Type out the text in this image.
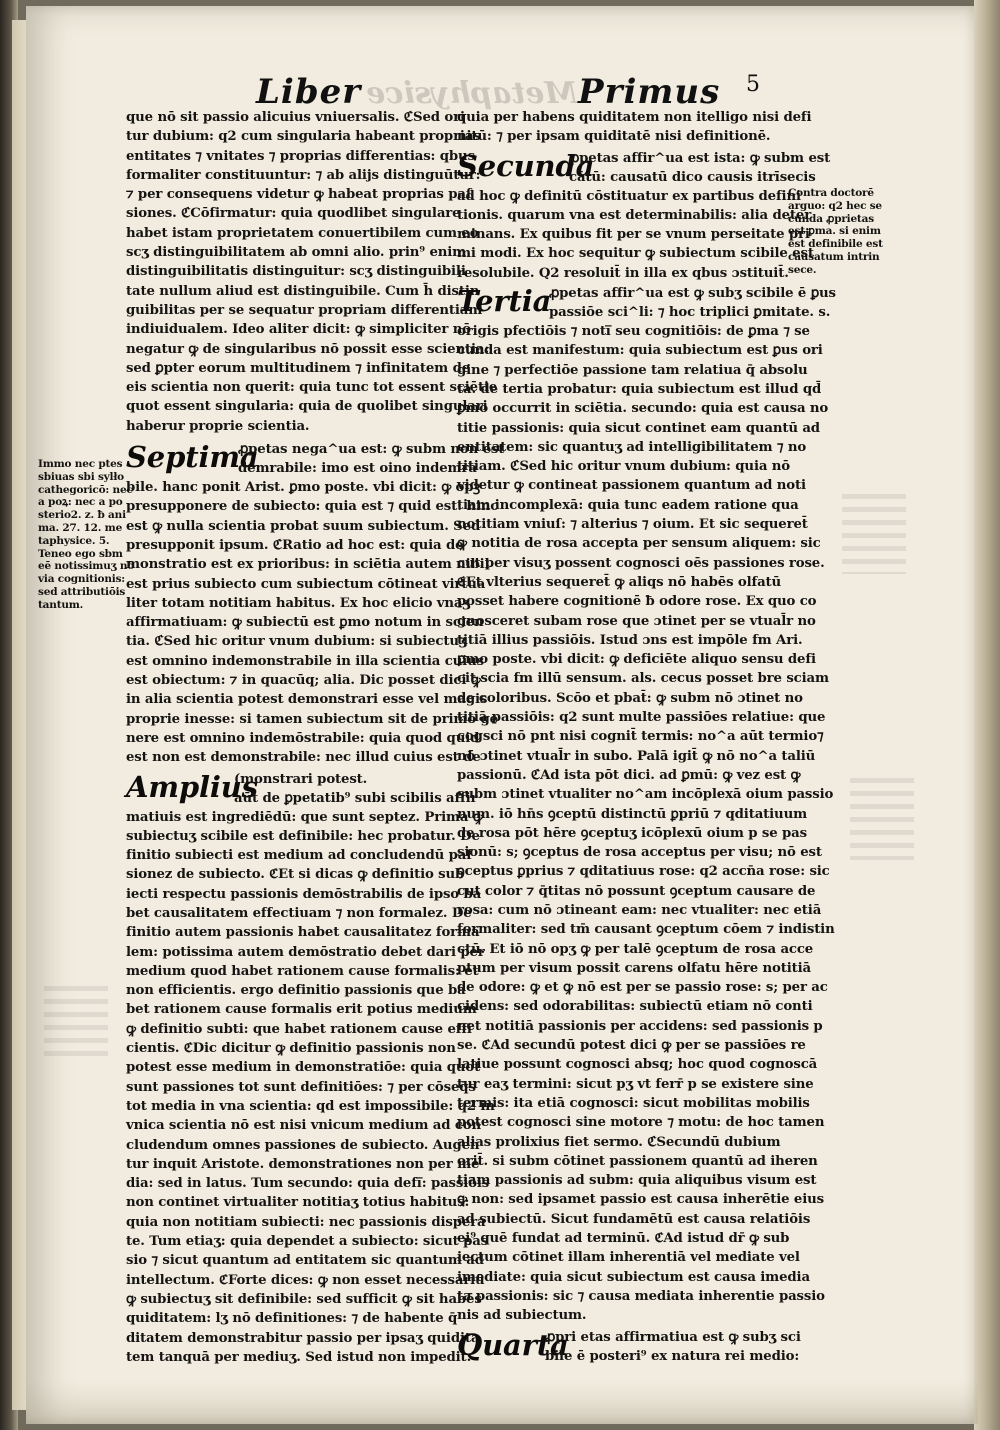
Metaphysice
Liber	Primus 5
que nō sit passio alicuius vniuersalis. ℭSed ori
tur dubium: q2 cum singularia habeant proprias
entitates ⁊ vnitates ⁊ proprias differentias: qbus
formaliter constituuntur: ⁊ ab alijs distinguūtur:
⁊ per consequens videtur ꝙ habeat proprias paſ
siones. ℭCōfirmatur: quia quodlibet singulare
habet istam proprietatem conuertibilem cum eo
scʒ distinguibilitatem ab omni alio. prin⁹ enim
distinguibilitatis distinguitur: scʒ distinguibili
tate nullum aliud est distinguibile. Cum h̄ distin
guibilitas per se sequatur propriam differentiam
indiuidualem. Ideo aliter dicit: ꝙ simpliciter nō
negatur ꝙ de singularibus nō possit esse scientia:
sed ꝑpter eorum multitudinem ⁊ infinitatem de
eis scientia non querit: quia tunc tot essent sciētie
quot essent singularia: quia de quolibet singulari
haberur proprie scientia.
Septima
ꝓpetas nega^ua est: ꝙ subm non est
demrabile: imo est oino indemra
bile. hanc ponit Arist. ꝑmo poste. vbi dicit: ꝙ opꝫ
presupponere de subiecto: quia est ⁊ quid est: hinc
est ꝙ nulla scientia probat suum subiectum. Sed
presupponit ipsum. ℭRatio ad hoc est: quia de
monstratio est ex prioribus: in sciētia autem nibil
est prius subiecto cum subiectum cōtineat virtua
liter totam notitiam habitus. Ex hoc elicio vnaʒ
affirmatiuam: ꝙ subiectū est ꝑmo notum in scien
tia. ℭSed hic oritur vnum dubium: si subiectuʒ
est omnino indemonstrabile in illa scientia cuius
est obiectum: ⁊ in quacūq; alia. Dic posset dici ꝙ
in alia scientia potest demonstrari esse vel magis
proprie inesse: si tamen subiectum sit de primo ge
nere est omnino indemōstrabile: quia quod quid
est non est demonstrabile: nec illud cuius est de
Amplius
(monstrari potest.
aūt de ꝑpetatib⁹ subi scibilis affir
matiuis est ingrediēdū: que sunt septez. Prima ꝙ
subiectuʒ scibile est definibile: hec probatur. De
finitio subiecti est medium ad concludendū paſ
sionez de subiecto. ℭEt si dicas ꝙ definitio sub
iecti respectu passionis demōstrabilis de ipso ba
bet causalitatem effectiuam ⁊ non formalez. De
finitio autem passionis habet causalitatez forma
lem: potissima autem demōstratio debet dari per
medium quod habet rationem cause formalis: et
non efficientis. ergo definitio passionis que ba
bet rationem cause formalis erit potius medium
ꝙ definitio subti: que habet rationem cause effi
cientis. ℭDic dicitur ꝙ definitio passionis non
potest esse medium in demonstratiōe: quia quot
sunt passiones tot sunt definitiōes: ⁊ per cōseq̄s
tot media in vna scientia: qd est impossibile: q2 in
vnica scientia nō est nisi vnicum medium ad con
cludendum omnes passiones de subiecto. Augen
tur inquit Aristote. demonstrationes non per me
dia: sed in latus. Tum secundo: quia defi̅: passiōis
non continet virtualiter notitiaʒ totius habitus:
quia non notitiam subiecti: nec passionis dispera
te. Tum etiaʒ: quia dependet a subiecto: sicut pas
sio ⁊ sicut quantum ad entitatem sic quantum ad
intellectum. ℭForte dices: ꝙ non esset necessariū
ꝙ subiectuʒ sit definibile: sed sufficit ꝙ sit habēs
quiditatem: lʒ nō definitiones: ⁊ de habente q̄
ditatem demonstrabitur passio per ipsaʒ quidita
tem tanquā per mediuʒ. Sed istud non impedit:
quia per habens quiditatem non itelligo nisi defi
nitū: ⁊ per ipsam quiditatē nisi definitionē.
Secunda
ꝓpetas affir^ua est ista: ꝙ subm est
cātū: causatū dico causis itrīsecis
ad hoc ꝙ definitū cōstituatur ex partibus defini
tionis. quarum vna est determinabilis: alia deter
minans. Ex quibus fit per se vnum perseitate pri
mi modi. Ex hoc sequitur ꝙ subiectum scibile est
resolubile. Q2 resoluit̄ in illa ex qbus ɔstituit̄.
Tertia
ꝓpetas affir^ua est ꝙ subʒ scibile ē ꝑus
passiōe sci^li: ⁊ hoc triplici ꝑmitate. s.
origis pfectiōis ⁊ noti̅ seu cognitiōis: de ꝑma ⁊ se
cunda est manifestum: quia subiectum est ꝑus ori
gine ⁊ perfectiōe passione tam relatiua q̄ absolu
ta. de tertia probatur: quia subiectum est illud qd̄
ꝑmo occurrit in sciētia. secundo: quia est causa no
titie passionis: quia sicut continet eam quantū ad
entitatem: sic quantuʒ ad intelligibilitatem ⁊ no
titiam. ℭSed hic oritur vnum dubium: quia nō
videtur ꝙ contineat passionem quantum ad noti
tiam incomplexā: quia tunc eadem ratione qua
notitiam vniuſ: ⁊ alterius ⁊ oium. Et sic sequeret̄
ꝙ notitia de rosa accepta per sensum aliquem: sic
cut per visuʒ possent cognosci oēs passiones rose.
ℭEt vlterius sequeret̄ ꝙ aliqs nō habēs olfatū
posset habere cognitionē ƀ odore rose. Ex quo co
gnosceret subam rose que ɔtinet per se vtual̄r no
titiā illius passiōis. Istud ɔns est impōle fm Ari.
ꝑmo poste. vbi dicit: ꝙ deficiēte aliquo sensu defi
cit scia fm illū sensum. als. cecus posset bre sciam
de coloribus. Scōo et pbat̄: ꝙ subm nō ɔtinet no
titiā passiōis: q2 sunt multe passiōes relatiue: que
cogsci nō pnt nisi cognit̄ termis: no^a aūt termio⁊
nō ɔtinet vtual̄r in subo. Palā igit̄ ꝙ nō no^a taliū
passionū. ℭAd ista pōt dici. ad ꝑmū: ꝙ vez est ꝙ
subm ɔtinet vtualiter no^am incōplexā oium passio
num. iō hn̄s ꝯceptū distinctū ꝑpriū ⁊ qditatiuum
de rosa pōt hēre ꝯceptuʒ icōplexū oium p se pas
sionū: s; ꝯceptus de rosa acceptus per visu; nō est
ꝯceptus ꝑprius ⁊ qditatiuus rose: q2 accn̄a rose: sic
cut color ⁊ q̄titas nō possunt ꝯceptum causare de
rosa: cum nō ɔtineant eam: nec vtualiter: nec etiā
formaliter: sed tm̄ causant ꝯceptum cōem ⁊ indistin
ctū. Et iō nō opʒ ꝙ per talē ꝯceptum de rosa acce
ptum per visum possit carens olfatu hēre notitiā
de odore: ꝙ et ꝙ nō est per se passio rose: s; per ac
cidens: sed odorabilitas: subiectū etiam nō conti
net notitiā passionis per accidens: sed passionis p
se. ℭAd secundū potest dici ꝙ per se passiōes re
latiue possunt cognosci absq; hoc quod cognoscā
tur eaʒ termini: sicut pʒ vt ferr̄ p se existere sine
termis: ita etiā cognosci: sicut mobilitas mobilis
potest cognosci sine motore ⁊ motu: de hoc tamen
alias prolixius fiet sermo. ℭSecundū dubium
orit̄. si subm cōtinet passionem quantū ad iheren
tiam passionis ad subm: quia aliquibus visum est
ꝙ non: sed ipsamet passio est causa inherētie eius
ad subiectū. Sicut fundamētū est causa relatiōis
ei⁹ quē fundat ad terminū. ℭAd istud dr̄ ꝙ sub
iectum cōtinet illam inherentiā vel mediate vel
imediate: quia sicut subiectum est causa imedia
ta passionis: sic ⁊ causa mediata inherentie passio
nis ad subiectum.
Quarta
ꝓpri etas affirmatiua est ꝙ subʒ sci
bile ē posteri⁹ ex natura rei medio:
Contra doctorē
arguo: q2 hec se
cunda ꝓprietas
est ꝑma. si enim
est definibile est
causatum intrin
sece.
Immo nec ptes
sbiuas sbi sylło
cathegoricō: nec
a poꝝ: nec a po
sterio2. z. ƀ ani
ma. 27. 12. me
taphysice. 5.
Teneo ego sbm
eē notissimuʒ nō
via cognitionis:
sed attributiōis
tantum.
